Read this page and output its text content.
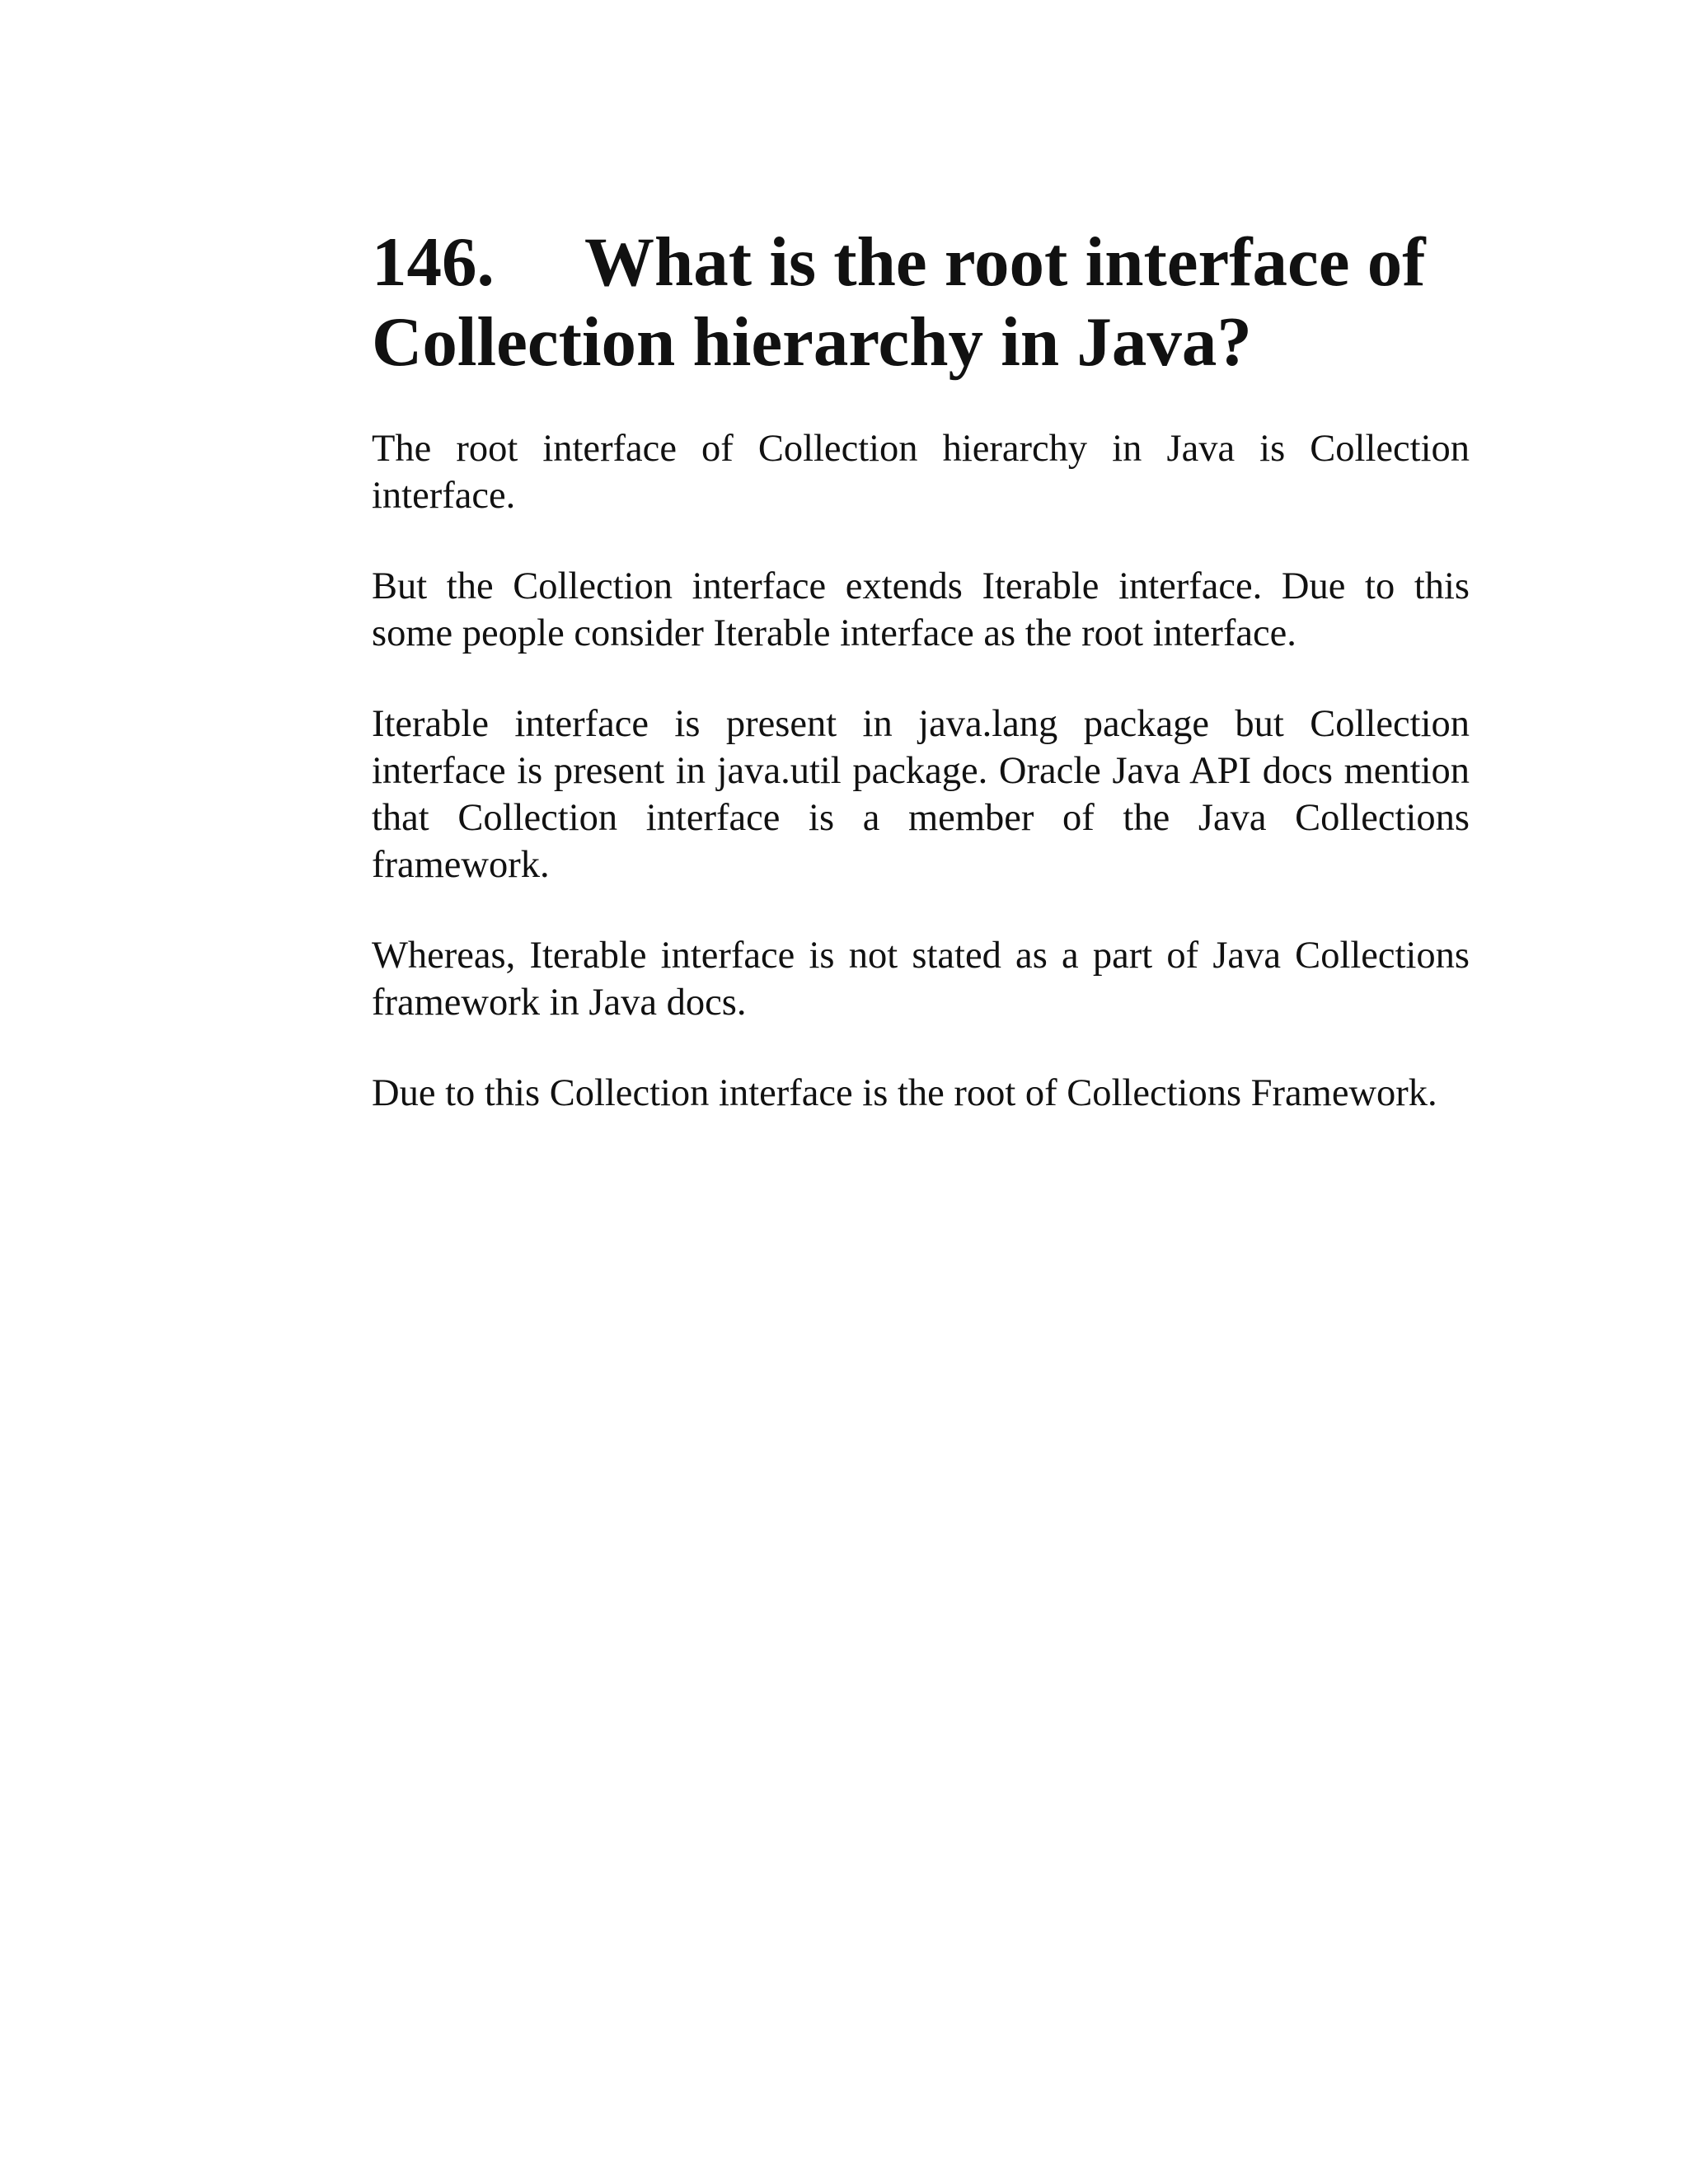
146. What is the root interface of Collection hierarchy in Java?

The root interface of Collection hierarchy in Java is Collection interface.

But the Collection interface extends Iterable interface. Due to this some people consider Iterable interface as the root interface.

Iterable interface is present in java.lang package but Collection interface is present in java.util package. Oracle Java API docs mention that Collection interface is a member of the Java Collections framework.

Whereas, Iterable interface is not stated as a part of Java Collections framework in Java docs.

Due to this Collection interface is the root of Collections Framework.
